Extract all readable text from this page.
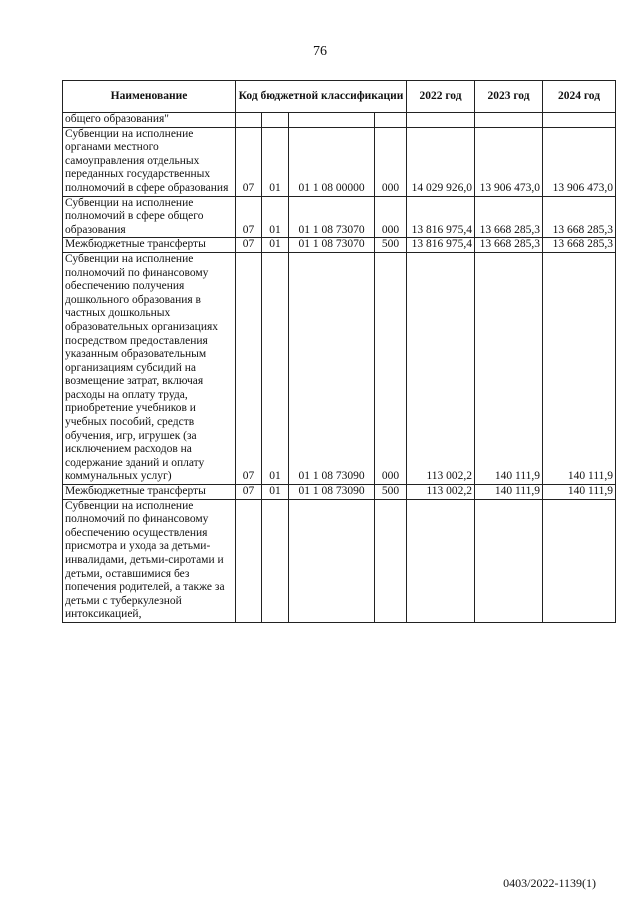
76
Наименование	Код бюджетной классификации				2022 год	2023 год	2024 год
общего образования"							
Субвенции на исполнение органами местного самоуправления отдельных переданных государственных полномочий в сфере образования	07	01	01 1 08 00000	000	14 029 926,0	13 906 473,0	13 906 473,0
Субвенции на исполнение полномочий в сфере общего образования	07	01	01 1 08 73070	000	13 816 975,4	13 668 285,3	13 668 285,3
Межбюджетные трансферты	07	01	01 1 08 73070	500	13 816 975,4	13 668 285,3	13 668 285,3
Субвенции на исполнение полномочий по финансовому обеспечению получения дошкольного образования в частных дошкольных образовательных организациях посредством предоставления указанным образовательным организациям субсидий на возмещение затрат, включая расходы на оплату труда, приобретение учебников и учебных пособий, средств обучения, игр, игрушек (за исключением расходов на содержание зданий и оплату коммунальных услуг)	07	01	01 1 08 73090	000	113 002,2	140 111,9	140 111,9
Межбюджетные трансферты	07	01	01 1 08 73090	500	113 002,2	140 111,9	140 111,9
Субвенции на исполнение полномочий по финансовому обеспечению осуществления присмотра и ухода за детьми-инвалидами, детьми-сиротами и детьми, оставшимися без попечения родителей, а также за детьми с туберкулезной интоксикацией,							
0403/2022-1139(1)
